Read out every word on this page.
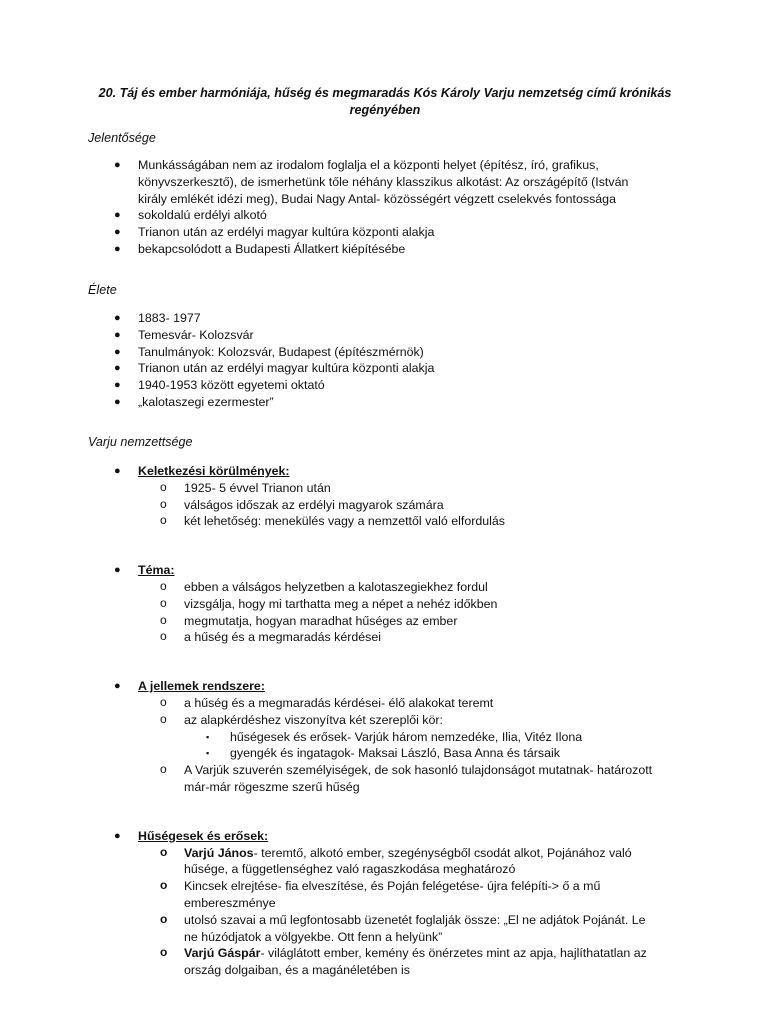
20. Táj és ember harmóniája, hűség és megmaradás Kós Károly Varju nemzetség című krónikás
regényében
Jelentősége
● Munkásságában nem az irodalom foglalja el a központi helyet (építész, író, grafikus,
könyvszerkesztő), de ismerhetünk tőle néhány klasszikus alkotást: Az országépítő (István
király emlékét idézi meg), Budai Nagy Antal- közösségért végzett cselekvés fontossága
● sokoldalú erdélyi alkotó
● Trianon után az erdélyi magyar kultúra központi alakja
● bekapcsolódott a Budapesti Állatkert kiépítésébe
Élete
● 1883- 1977
● Temesvár- Kolozsvár
● Tanulmányok: Kolozsvár, Budapest (építészmérnök)
● Trianon után az erdélyi magyar kultúra központi alakja
● 1940-1953 között egyetemi oktató
● „kalotaszegi ezermester”
Varju nemzettsége
● Keletkezési körülmények:
o 1925- 5 évvel Trianon után
o válságos időszak az erdélyi magyarok számára
o két lehetőség: menekülés vagy a nemzettől való elfordulás
● Téma:
o ebben a válságos helyzetben a kalotaszegiekhez fordul
o vizsgálja, hogy mi tarthatta meg a népet a nehéz időkben
o megmutatja, hogyan maradhat hűséges az ember
o a hűség és a megmaradás kérdései
● A jellemek rendszere:
o a hűség és a megmaradás kérdései- élő alakokat teremt
o az alapkérdéshez viszonyítva két szereplői kör:
▪ hűségesek és erősek- Varjúk három nemzedéke, Ilia, Vitéz Ilona
▪ gyengék és ingatagok- Maksai László, Basa Anna és társaik
o A Varjúk szuverén személyiségek, de sok hasonló tulajdonságot mutatnak- határozott
már-már rögeszme szerű hűség
● Hűségesek és erősek:
o Varjú János- teremtő, alkotó ember, szegénységből csodát alkot, Pojánához való
hűsége, a függetlenséghez való ragaszkodása meghatározó
o Kincsek elrejtése- fia elveszítése, és Poján felégetése- újra felépíti-> ő a mű
embereszménye
o utolsó szavai a mű legfontosabb üzenetét foglalják össze: „El ne adjátok Pojánát. Le
ne húzódjatok a völgyekbe. Ott fenn a helyünk”
o Varjú Gáspár- világlátott ember, kemény és önérzetes mint az apja, hajlíthatatlan az
ország dolgaiban, és a magánéletében is
